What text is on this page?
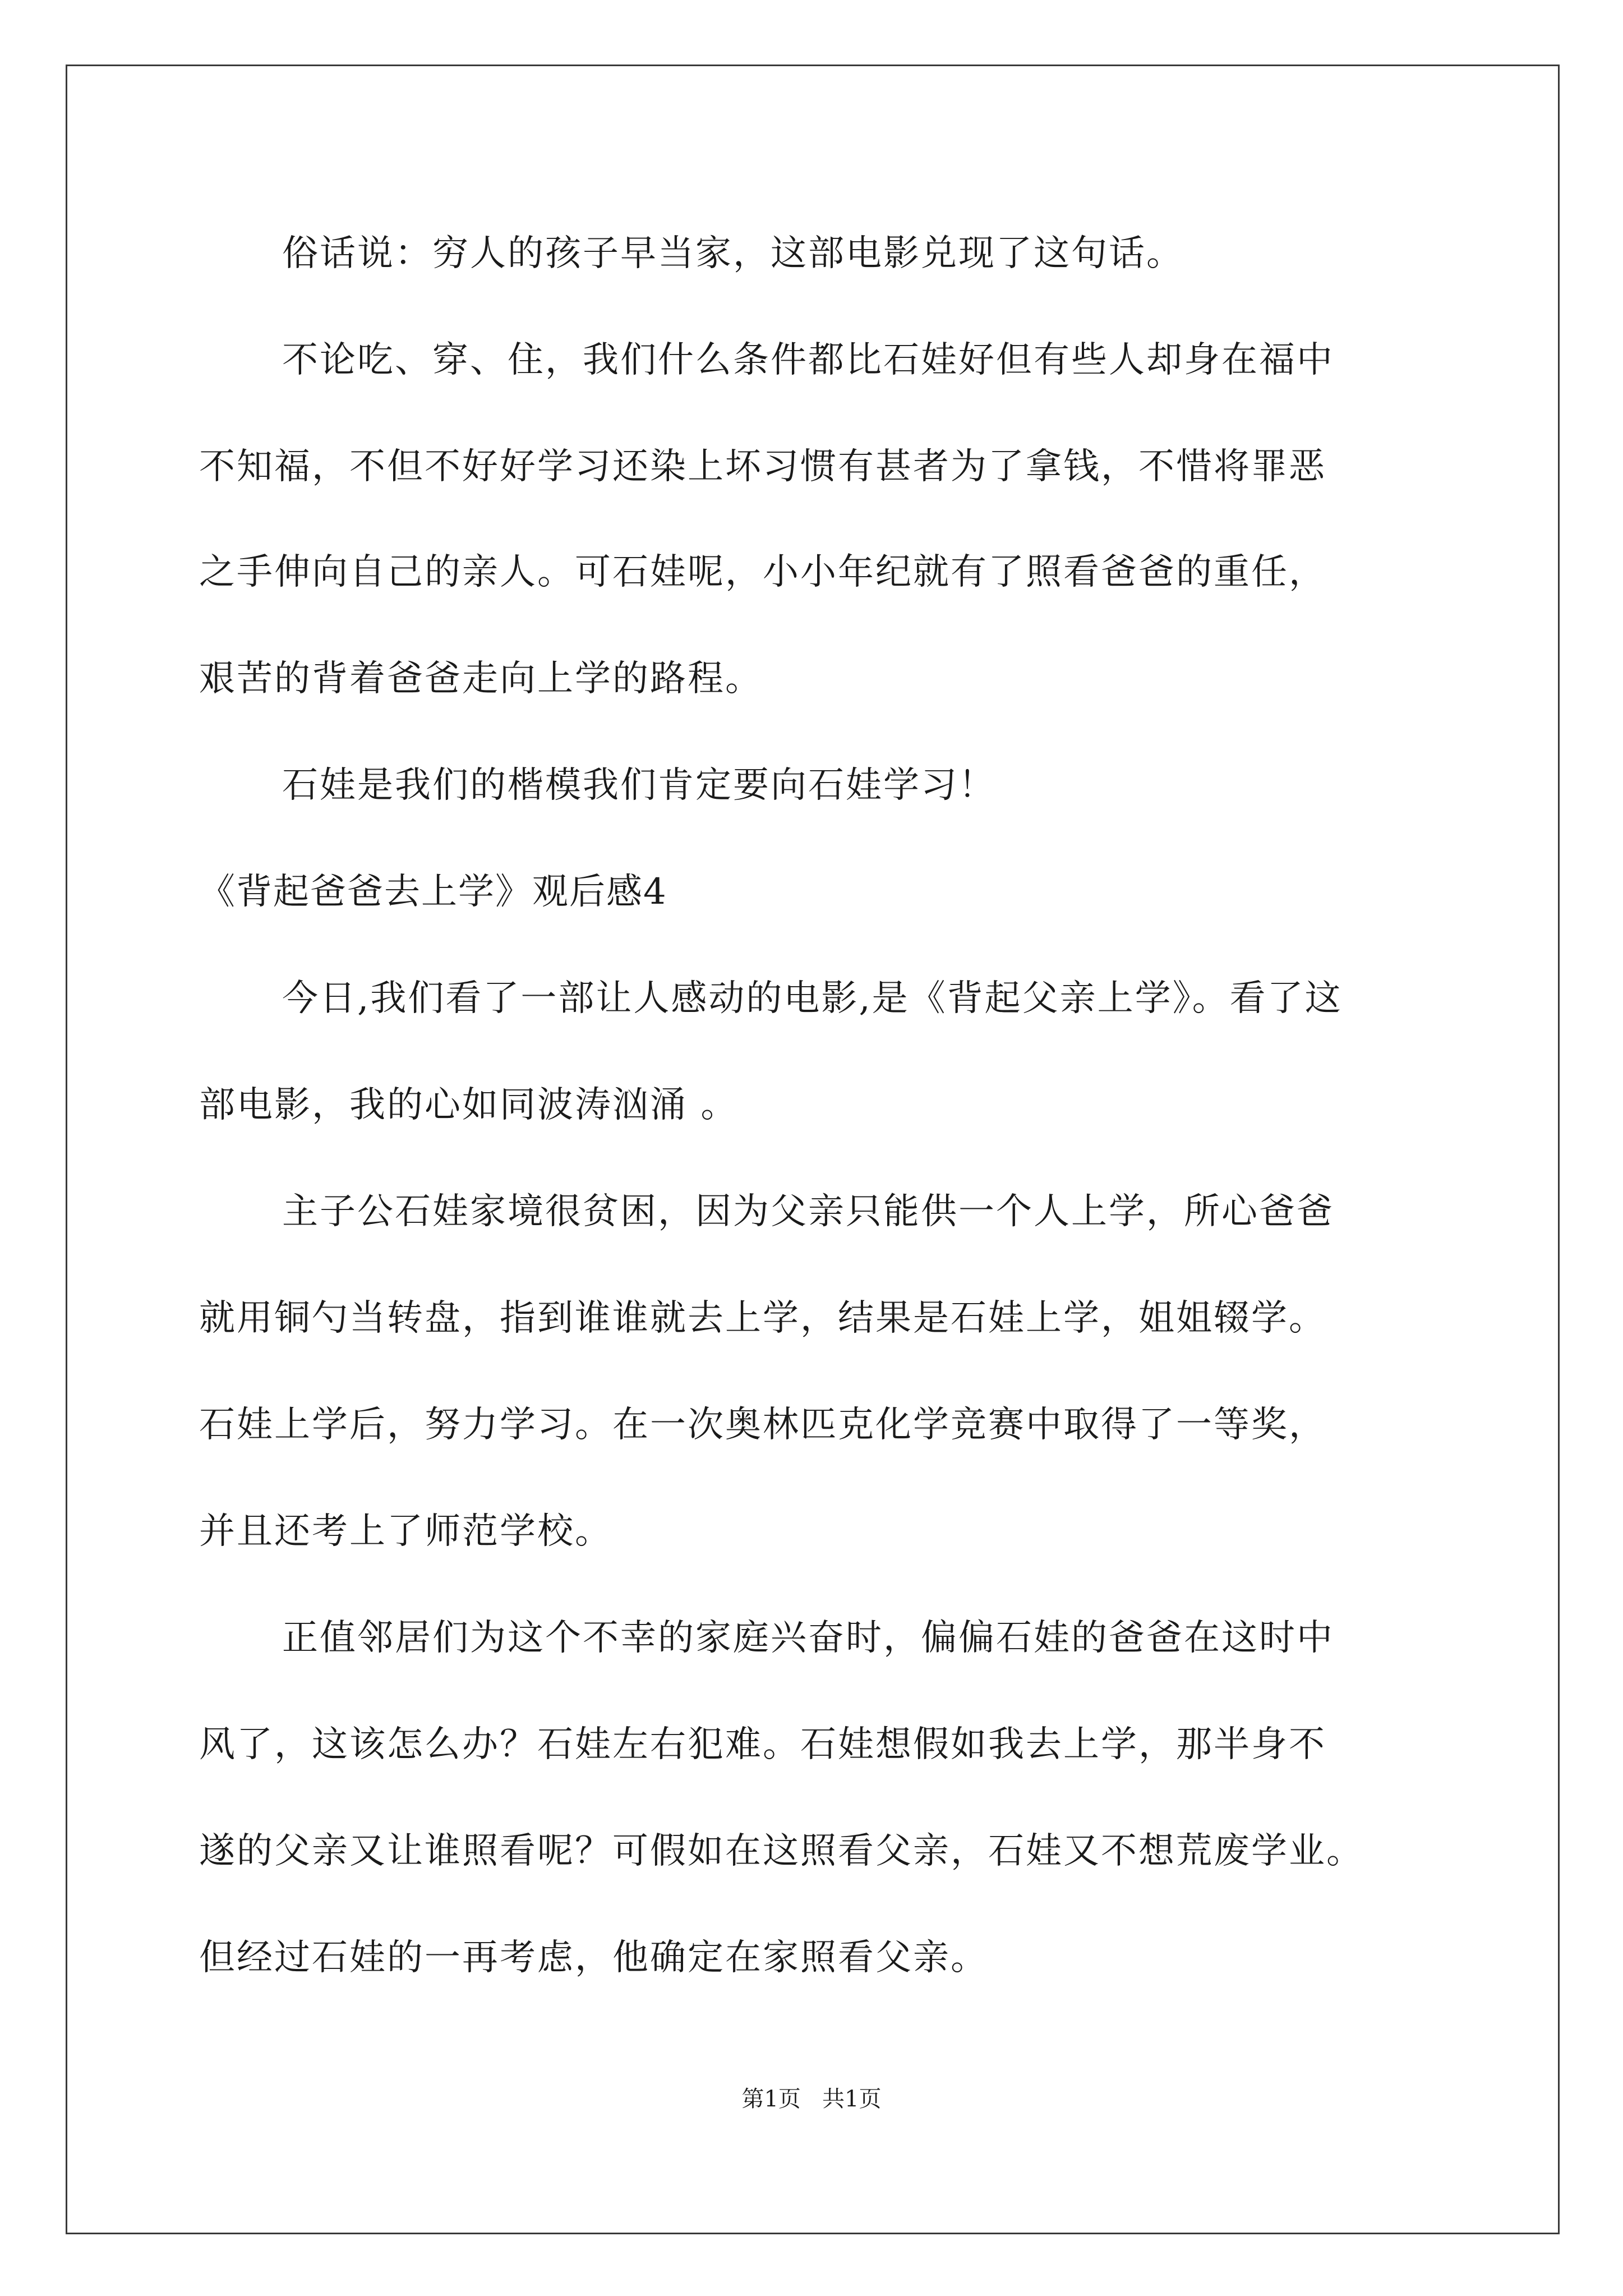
俗话说：穷人的孩子早当家，这部电影兑现了这句话。
不论吃、穿、住，我们什么条件都比石娃好但有些人却身在福中
不知福，不但不好好学习还染上坏习惯有甚者为了拿钱，不惜将罪恶
之手伸向自己的亲人。可石娃呢，小小年纪就有了照看爸爸的重任，
艰苦的背着爸爸走向上学的路程。
石娃是我们的楷模我们肯定要向石娃学习！
《背起爸爸去上学》观后感4
今日,我们看了一部让人感动的电影,是《背起父亲上学》。看了这
部电影，我的心如同波涛汹涌 。
主子公石娃家境很贫困，因为父亲只能供一个人上学，所心爸爸
就用铜勺当转盘，指到谁谁就去上学，结果是石娃上学，姐姐辍学。
石娃上学后，努力学习。在一次奥林匹克化学竞赛中取得了一等奖，
并且还考上了师范学校。
正值邻居们为这个不幸的家庭兴奋时，偏偏石娃的爸爸在这时中
风了，这该怎么办？石娃左右犯难。石娃想假如我去上学，那半身不
遂的父亲又让谁照看呢？可假如在这照看父亲，石娃又不想荒废学业。
但经过石娃的一再考虑，他确定在家照看父亲。
第1页   共1页
